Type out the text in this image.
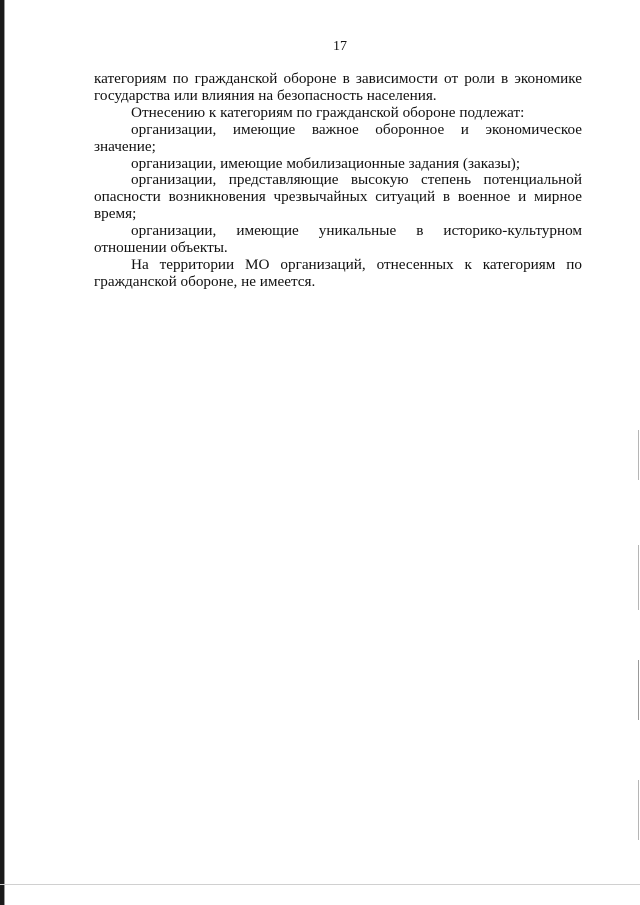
17

категориям по гражданской обороне в зависимости от роли в экономике государства или влияния на безопасность населения.

Отнесению к категориям по гражданской обороне подлежат:

организации, имеющие важное оборонное и экономическое значение;

организации, имеющие мобилизационные задания (заказы);

организации, представляющие высокую степень потенциальной опасности возникновения чрезвычайных ситуаций в военное и мирное время;

организации, имеющие уникальные в историко-культурном отношении объекты.

На территории МО организаций, отнесенных к категориям по гражданской обороне, не имеется.
